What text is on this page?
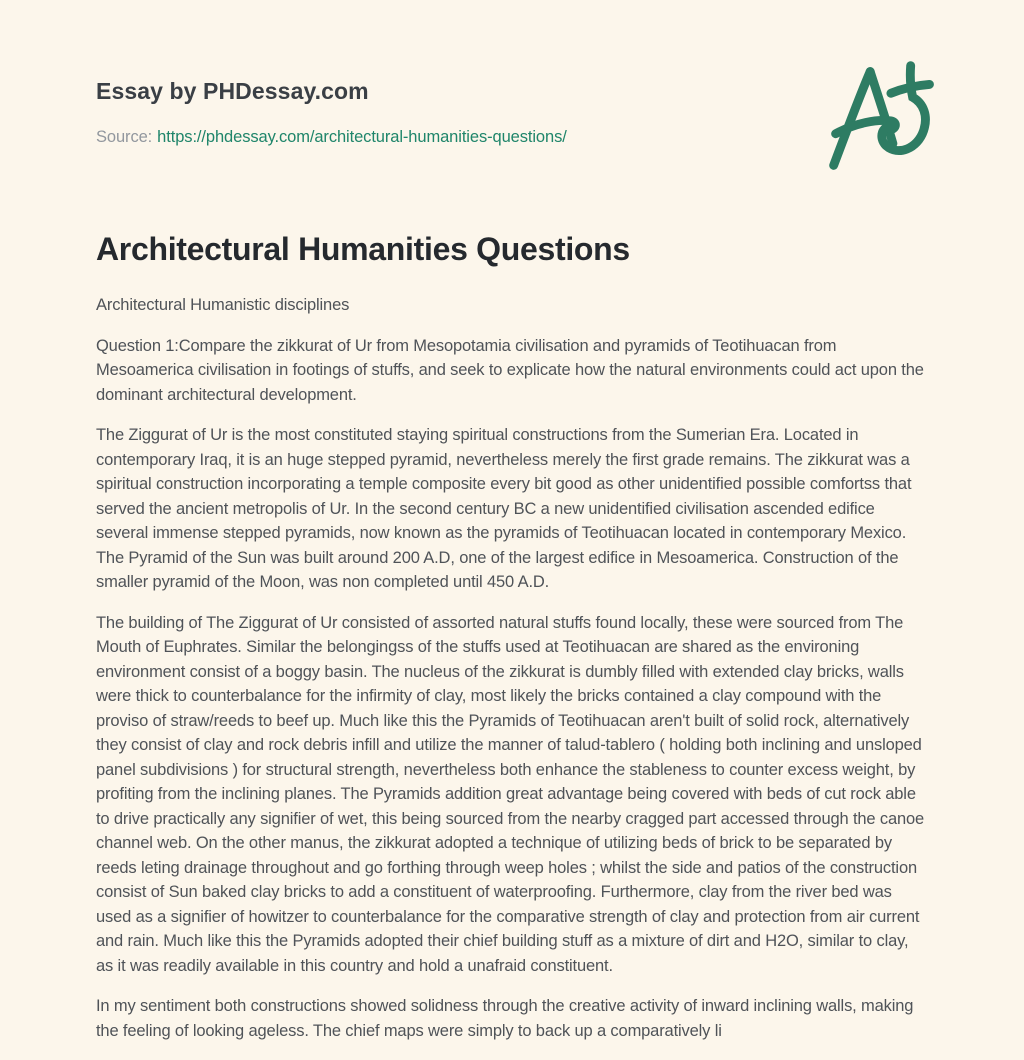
Essay by PHDessay.com
Source: https://phdessay.com/architectural-humanities-questions/
Architectural Humanities Questions

Architectural Humanistic disciplines

Question 1:Compare the zikkurat of Ur from Mesopotamia civilisation and pyramids of Teotihuacan from Mesoamerica civilisation in footings of stuffs, and seek to explicate how the natural environments could act upon the dominant architectural development.

The Ziggurat of Ur is the most constituted staying spiritual constructions from the Sumerian Era. Located in contemporary Iraq, it is an huge stepped pyramid, nevertheless merely the first grade remains. The zikkurat was a spiritual construction incorporating a temple composite every bit good as other unidentified possible comfortss that served the ancient metropolis of Ur. In the second century BC a new unidentified civilisation ascended edifice several immense stepped pyramids, now known as the pyramids of Teotihuacan located in contemporary Mexico. The Pyramid of the Sun was built around 200 A.D, one of the largest edifice in Mesoamerica. Construction of the smaller pyramid of the Moon, was non completed until 450 A.D.

The building of The Ziggurat of Ur consisted of assorted natural stuffs found locally, these were sourced from The Mouth of Euphrates. Similar the belongingss of the stuffs used at Teotihuacan are shared as the environing environment consist of a boggy basin. The nucleus of the zikkurat is dumbly filled with extended clay bricks, walls were thick to counterbalance for the infirmity of clay, most likely the bricks contained a clay compound with the proviso of straw/reeds to beef up. Much like this the Pyramids of Teotihuacan aren't built of solid rock, alternatively they consist of clay and rock debris infill and utilize the manner of talud-tablero ( holding both inclining and unsloped panel subdivisions ) for structural strength, nevertheless both enhance the stableness to counter excess weight, by profiting from the inclining planes. The Pyramids addition great advantage being covered with beds of cut rock able to drive practically any signifier of wet, this being sourced from the nearby cragged part accessed through the canoe channel web. On the other manus, the zikkurat adopted a technique of utilizing beds of brick to be separated by reeds leting drainage throughout and go forthing through weep holes ; whilst the side and patios of the construction consist of Sun baked clay bricks to add a constituent of waterproofing. Furthermore, clay from the river bed was used as a signifier of howitzer to counterbalance for the comparative strength of clay and protection from air current and rain. Much like this the Pyramids adopted their chief building stuff as a mixture of dirt and H2O, similar to clay, as it was readily available in this country and hold a unafraid constituent.

In my sentiment both constructions showed solidness through the creative activity of inward inclining walls, making the feeling of looking ageless. The chief maps were simply to back up a comparatively li
